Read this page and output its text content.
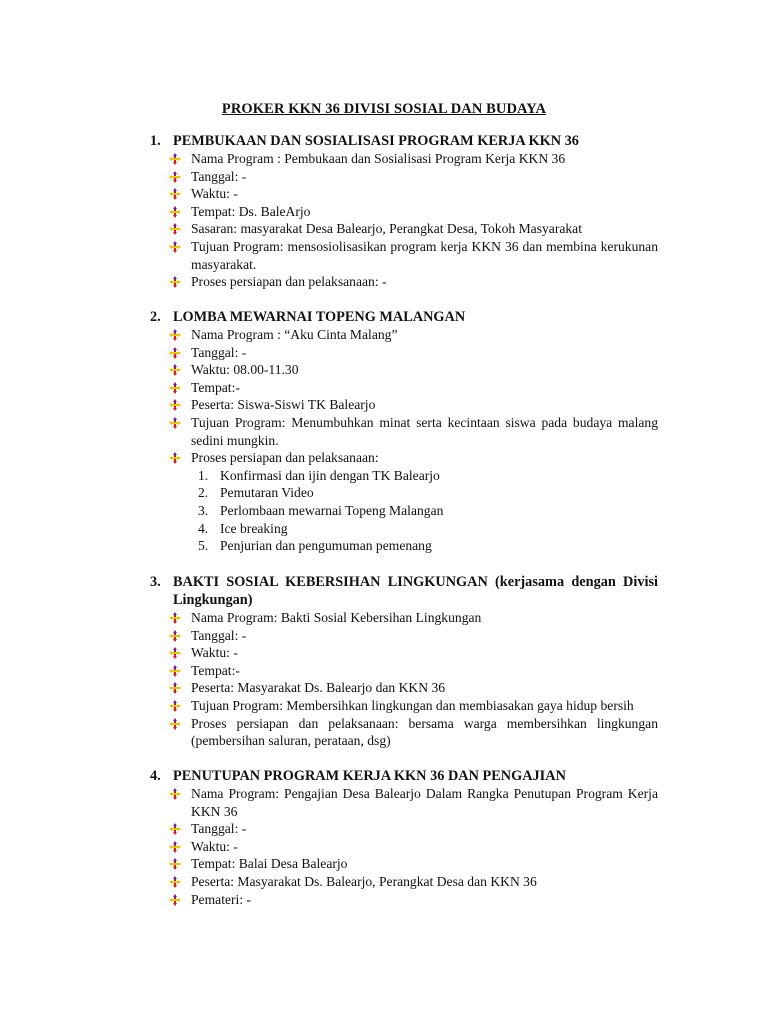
PROKER KKN 36 DIVISI SOSIAL DAN BUDAYA
1. PEMBUKAAN DAN SOSIALISASI PROGRAM KERJA KKN 36
Nama Program : Pembukaan dan Sosialisasi Program Kerja KKN 36
Tanggal: -
Waktu: -
Tempat: Ds. BaleArjo
Sasaran: masyarakat Desa Balearjo, Perangkat Desa, Tokoh Masyarakat
Tujuan Program: mensosiolisasikan program kerja KKN 36 dan membina kerukunan masyarakat.
Proses persiapan dan pelaksanaan: -
2. LOMBA MEWARNAI TOPENG MALANGAN
Nama Program : “Aku Cinta Malang”
Tanggal: -
Waktu: 08.00-11.30
Tempat:-
Peserta: Siswa-Siswi TK Balearjo
Tujuan Program: Menumbuhkan minat serta kecintaan siswa pada budaya malang sedini mungkin.
Proses persiapan dan pelaksanaan:
1. Konfirmasi dan ijin dengan TK Balearjo
2. Pemutaran Video
3. Perlombaan mewarnai Topeng Malangan
4. Ice breaking
5. Penjurian dan pengumuman pemenang
3. BAKTI SOSIAL KEBERSIHAN LINGKUNGAN (kerjasama dengan Divisi Lingkungan)
Nama Program: Bakti Sosial Kebersihan Lingkungan
Tanggal: -
Waktu: -
Tempat:-
Peserta: Masyarakat Ds. Balearjo dan KKN 36
Tujuan Program: Membersihkan lingkungan dan membiasakan gaya hidup bersih
Proses persiapan dan pelaksanaan: bersama warga membersihkan lingkungan (pembersihan saluran, perataan, dsg)
4. PENUTUPAN PROGRAM KERJA KKN 36 DAN PENGAJIAN
Nama Program: Pengajian Desa Balearjo Dalam Rangka Penutupan Program Kerja KKN 36
Tanggal: -
Waktu: -
Tempat: Balai Desa Balearjo
Peserta: Masyarakat Ds. Balearjo, Perangkat Desa dan KKN 36
Pemateri: -
